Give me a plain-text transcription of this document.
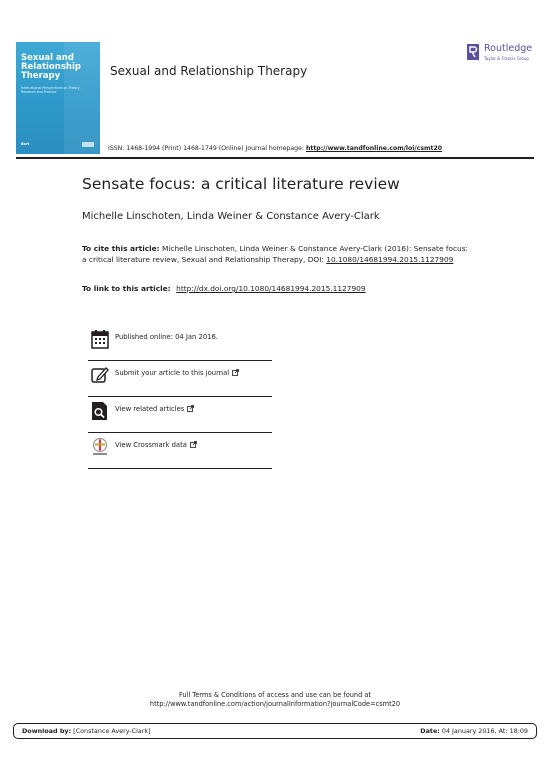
Sexual and Relationship Therapy
International Perspectives on Theory, Research and Practice
Bsrt
Sexual and Relationship Therapy
Routledge
Taylor & Francis Group
ISSN: 1468-1994 (Print) 1468-1749 (Online) Journal homepage: http://www.tandfonline.com/loi/csmt20
Sensate focus: a critical literature review
Michelle Linschoten, Linda Weiner & Constance Avery-Clark
To cite this article: Michelle Linschoten, Linda Weiner & Constance Avery-Clark (2016): Sensate focus: a critical literature review, Sexual and Relationship Therapy, DOI: 10.1080/14681994.2015.1127909
To link to this article: http://dx.doi.org/10.1080/14681994.2015.1127909
Published online: 04 Jan 2016.
Submit your article to this journal
View related articles
View Crossmark data
Full Terms & Conditions of access and use can be found at
http://www.tandfonline.com/action/journalInformation?journalCode=csmt20
Download by: [Constance Avery-Clark]	Date: 04 January 2016, At: 18:09
